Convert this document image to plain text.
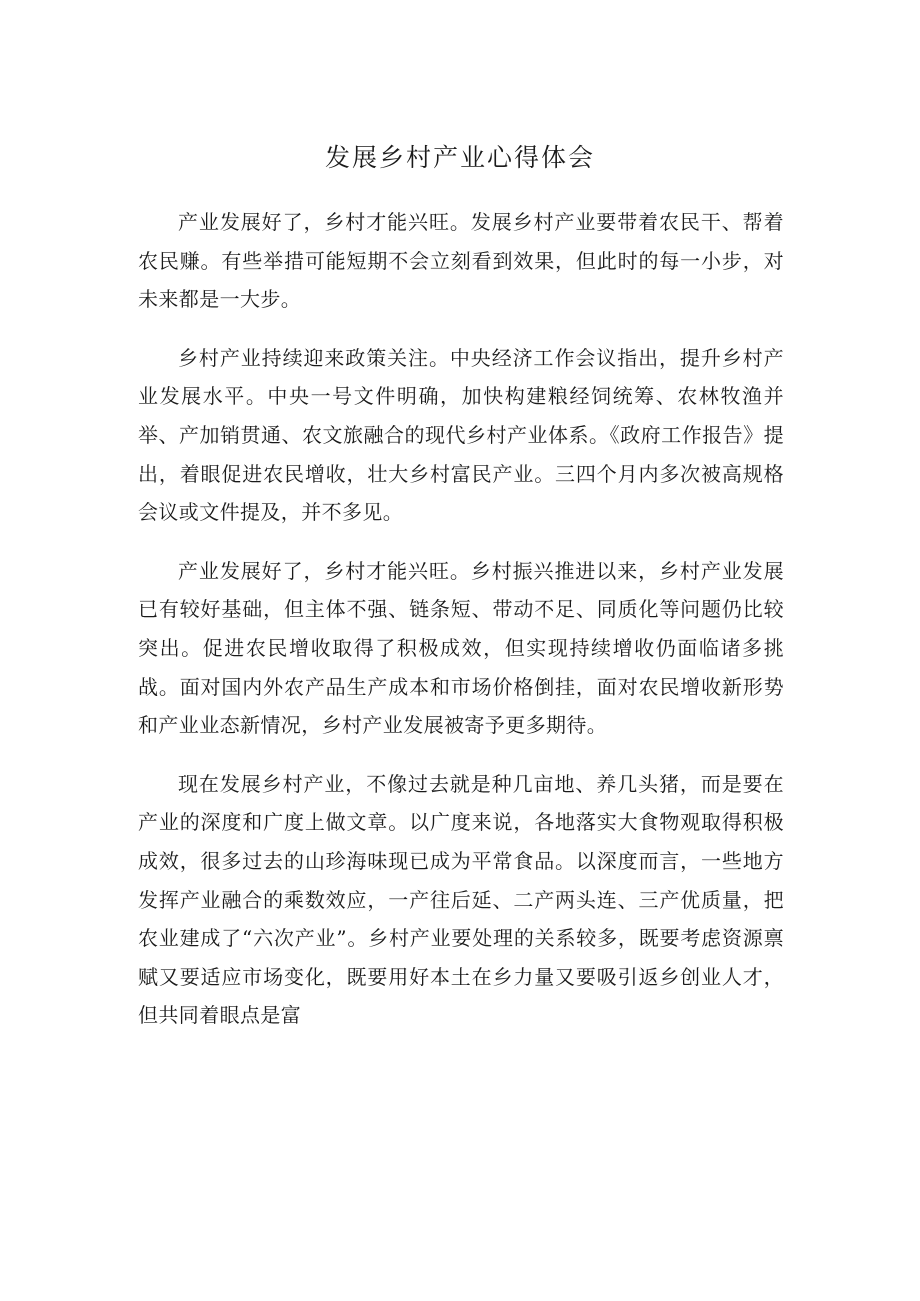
发展乡村产业心得体会

产业发展好了，乡村才能兴旺。发展乡村产业要带着农民干、帮着农民赚。有些举措可能短期不会立刻看到效果，但此时的每一小步，对未来都是一大步。

乡村产业持续迎来政策关注。中央经济工作会议指出，提升乡村产业发展水平。中央一号文件明确，加快构建粮经饲统筹、农林牧渔并举、产加销贯通、农文旅融合的现代乡村产业体系。《政府工作报告》提出，着眼促进农民增收，壮大乡村富民产业。三四个月内多次被高规格会议或文件提及，并不多见。

产业发展好了，乡村才能兴旺。乡村振兴推进以来，乡村产业发展已有较好基础，但主体不强、链条短、带动不足、同质化等问题仍比较突出。促进农民增收取得了积极成效，但实现持续增收仍面临诸多挑战。面对国内外农产品生产成本和市场价格倒挂，面对农民增收新形势和产业业态新情况，乡村产业发展被寄予更多期待。

现在发展乡村产业，不像过去就是种几亩地、养几头猪，而是要在产业的深度和广度上做文章。以广度来说，各地落实大食物观取得积极成效，很多过去的山珍海味现已成为平常食品。以深度而言，一些地方发挥产业融合的乘数效应，一产往后延、二产两头连、三产优质量，把农业建成了“六次产业”。乡村产业要处理的关系较多，既要考虑资源禀赋又要适应市场变化，既要用好本土在乡力量又要吸引返乡创业人才，但共同着眼点是富
